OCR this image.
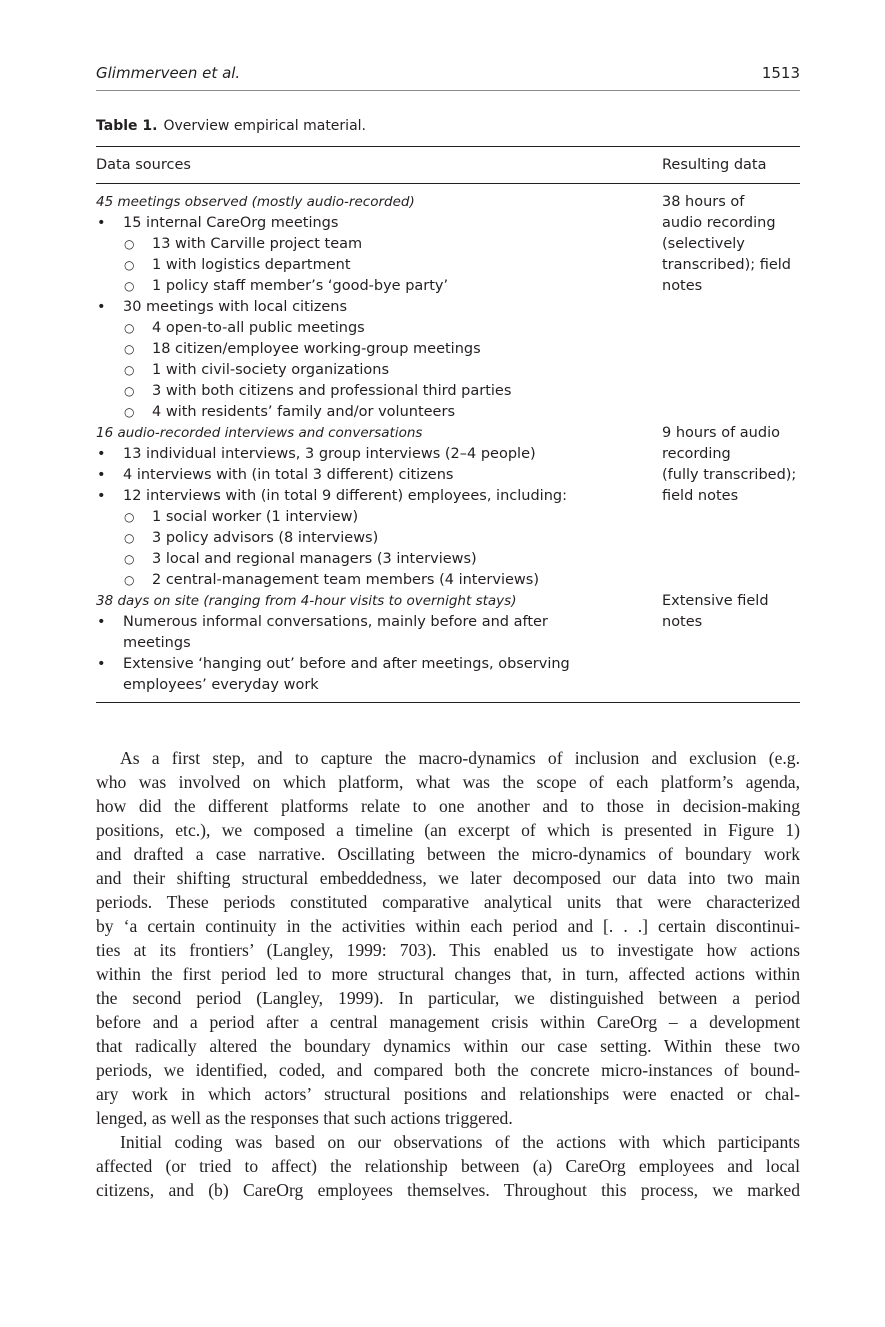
Glimmerveen et al.	1513
Table 1. Overview empirical material.
Data sources	Resulting data
45 meetings observed (mostly audio-recorded)
• 15 internal CareOrg meetings
○ 13 with Carville project team
○ 1 with logistics department
○ 1 policy staff member’s ‘good-bye party’
• 30 meetings with local citizens
○ 4 open-to-all public meetings
○ 18 citizen/employee working-group meetings
○ 1 with civil-society organizations
○ 3 with both citizens and professional third parties
○ 4 with residents’ family and/or volunteers
38 hours of
audio recording
(selectively
transcribed); field
notes
16 audio-recorded interviews and conversations
• 13 individual interviews, 3 group interviews (2–4 people)
• 4 interviews with (in total 3 different) citizens
• 12 interviews with (in total 9 different) employees, including:
○ 1 social worker (1 interview)
○ 3 policy advisors (8 interviews)
○ 3 local and regional managers (3 interviews)
○ 2 central-management team members (4 interviews)
9 hours of audio
recording
(fully transcribed);
field notes
38 days on site (ranging from 4-hour visits to overnight stays)
• Numerous informal conversations, mainly before and after
meetings
• Extensive ‘hanging out’ before and after meetings, observing
employees’ everyday work
Extensive field
notes
As a first step, and to capture the macro-dynamics of inclusion and exclusion (e.g.
who was involved on which platform, what was the scope of each platform’s agenda,
how did the different platforms relate to one another and to those in decision-making
positions, etc.), we composed a timeline (an excerpt of which is presented in Figure 1)
and drafted a case narrative. Oscillating between the micro-dynamics of boundary work
and their shifting structural embeddedness, we later decomposed our data into two main
periods. These periods constituted comparative analytical units that were characterized
by ‘a certain continuity in the activities within each period and [. . .] certain discontinui-
ties at its frontiers’ (Langley, 1999: 703). This enabled us to investigate how actions
within the first period led to more structural changes that, in turn, affected actions within
the second period (Langley, 1999). In particular, we distinguished between a period
before and a period after a central management crisis within CareOrg – a development
that radically altered the boundary dynamics within our case setting. Within these two
periods, we identified, coded, and compared both the concrete micro-instances of bound-
ary work in which actors’ structural positions and relationships were enacted or chal-
lenged, as well as the responses that such actions triggered.
Initial coding was based on our observations of the actions with which participants
affected (or tried to affect) the relationship between (a) CareOrg employees and local
citizens, and (b) CareOrg employees themselves. Throughout this process, we marked
